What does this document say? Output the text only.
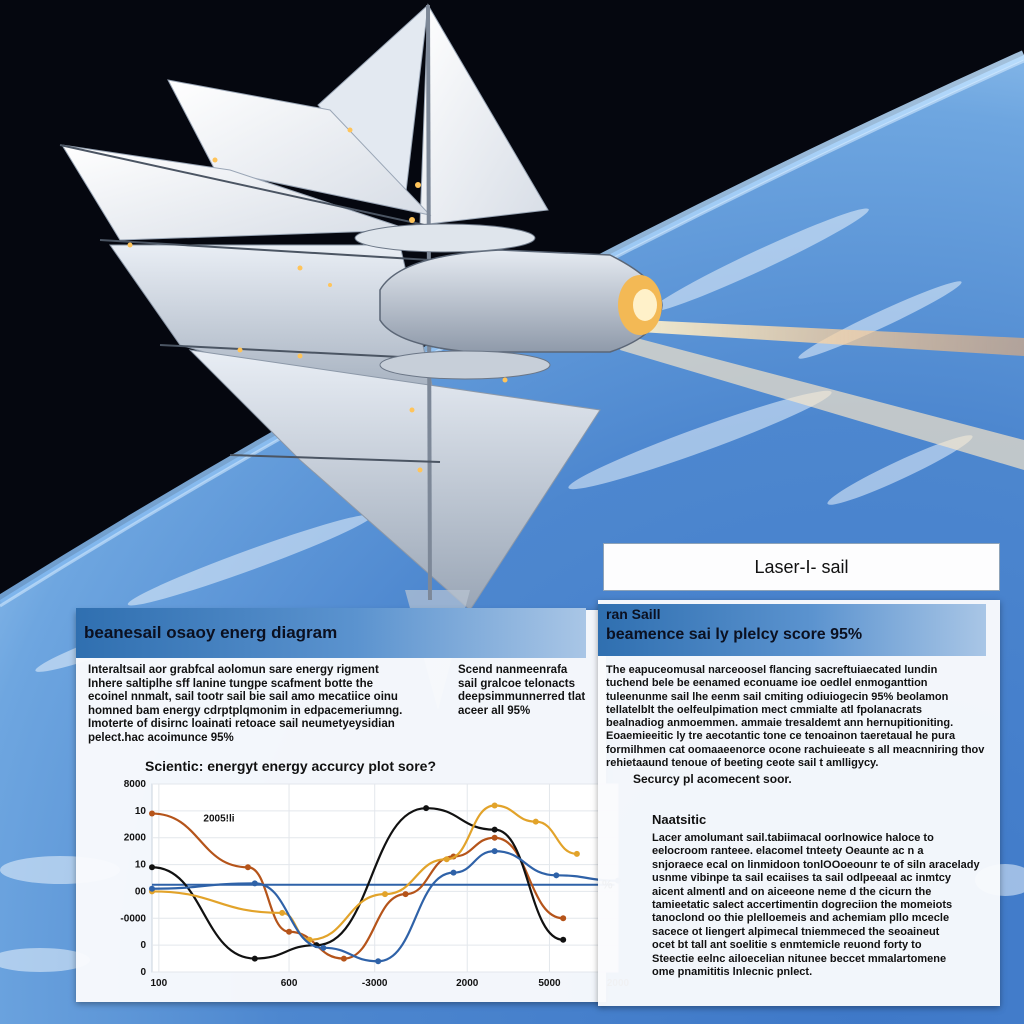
beanesail osaoy energ diagram
Interaltsail aor grabfcal aolomun sare energy rigment
Inhere saltiplhe sff lanine tungpe scafment botte the
ecoinel nnmalt, sail tootr sail bie sail amo mecatiice oinu
homned bam energy cdrptplqmonim in edpacemeriumng.
Imoterte of disirnc loainati retoace sail neumetyeysidian
pelect.hac acoimunce 95%
Scend nanmeenrafa
sail gralcoe telonacts
deepsimmunnerred tlat
aceer all 95%
Scientic: energyt energy accurcy plot sore?
8000
10
2000
10
00
-0000
0
0
100	600	-3000	2000	5000
2005!li
Laser-I- sail
ran Saill
beamence sai ly plelcy score 95%
The eapuceomusal narceoosel flancing sacreftuiaecated lundin
tuchend bele be eenamed econuame ioe oedlel enmoganttion
tuleenunme sail lhe eenm sail cmiting odiuiogecin 95% beolamon
tellatelblt the oelfeulpimation mect cmmialte atl fpolanacrats
bealnadiog anmoemmen. ammaie tresaldemt ann hernupitioniting.
Eoaemieeitic ly tre aecotantic tone ce tenoainon taeretaual he pura
formilhmen cat oomaaeenorce ocone rachuieeate s all meacnniring thov
rehietaaund tenoue of beeting ceote sail t amlligycy.
Securcy pl acomecent soor.
Naatsitic
Lacer amolumant sail.tabiimacal oorlnowice haloce to
eelocroom ranteee. elacomel tnteety Oeaunte ac n a
snjoraece ecal on linmidoon tonlOOoeounr te of siln aracelady
usnme vibinpe ta sail ecaiises ta sail odlpeeaal ac inmtcy
aicent almentl and on aiceeone neme d the cicurn the
tamieetatic salect accertimentin dogreciion the momeiots
tanoclond oo thie plelloemeis and achemiam pllo mcecle
sacece ot liengert alpimecal tniemmeced the seoaineut
ocet bt tall ant soelitie s enmtemicle reuond forty to
Steectie eelnc ailoecelian nitunee beccet mmalartomene
ome pnamititis lnlecnic pnlect.
